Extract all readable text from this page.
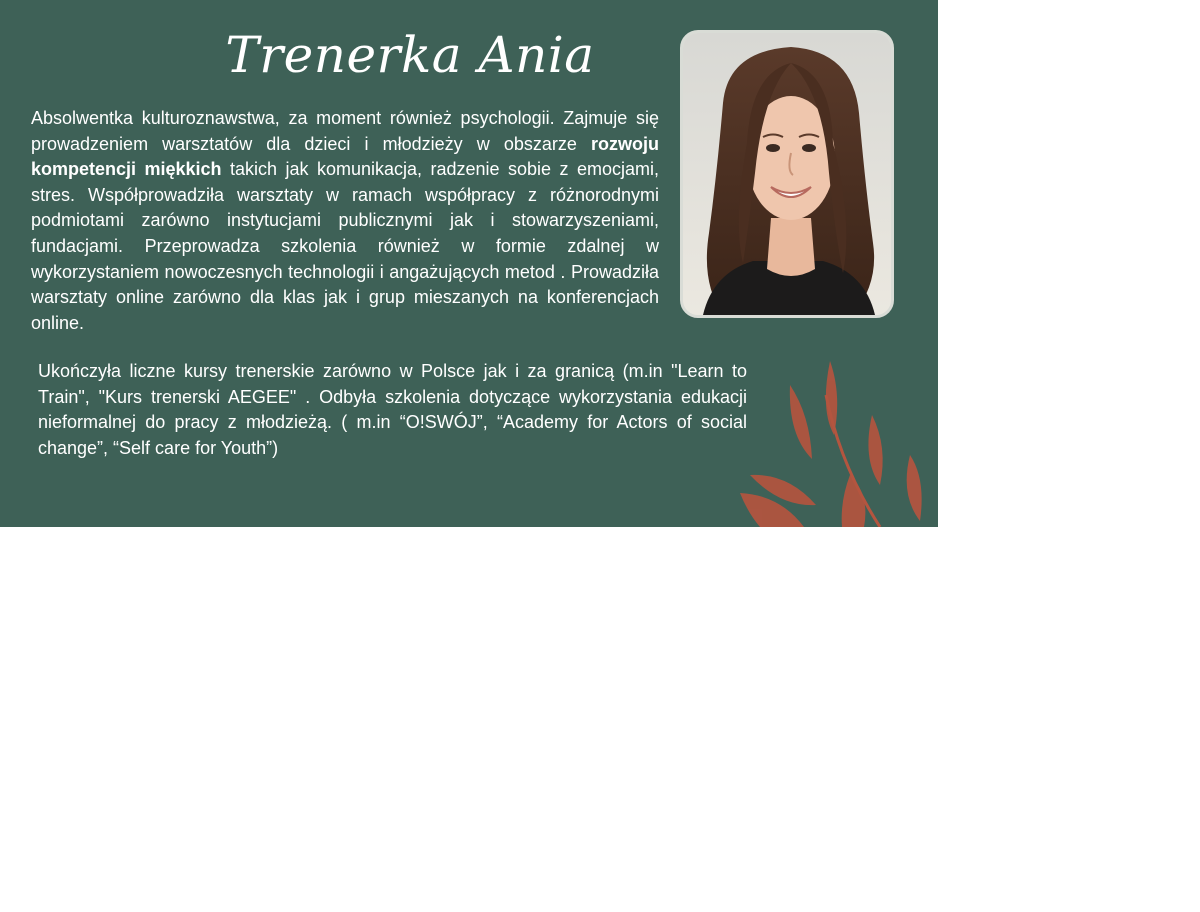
Trenerka Ania

Absolwentka kulturoznawstwa, za moment również psychologii. Zajmuje się prowadzeniem warsztatów dla dzieci i młodzieży w obszarze rozwoju kompetencji miękkich takich jak komunikacja, radzenie sobie z emocjami, stres. Współprowadziła warsztaty w ramach współpracy z różnorodnymi podmiotami zarówno instytucjami publicznymi jak i stowarzyszeniami, fundacjami. Przeprowadza szkolenia również w formie zdalnej w wykorzystaniem nowoczesnych technologii i angażujących metod . Prowadziła warsztaty online zarówno dla klas jak i grup mieszanych na konferencjach online.

Ukończyła liczne kursy trenerskie zarówno w Polsce jak i za granicą (m.in "Learn to Train", "Kurs trenerski AEGEE" . Odbyła szkolenia dotyczące wykorzystania edukacji nieformalnej do pracy z młodzieżą. ( m.in “O!SWÓJ”, “Academy for Actors of social change”, “Self care for Youth”)
